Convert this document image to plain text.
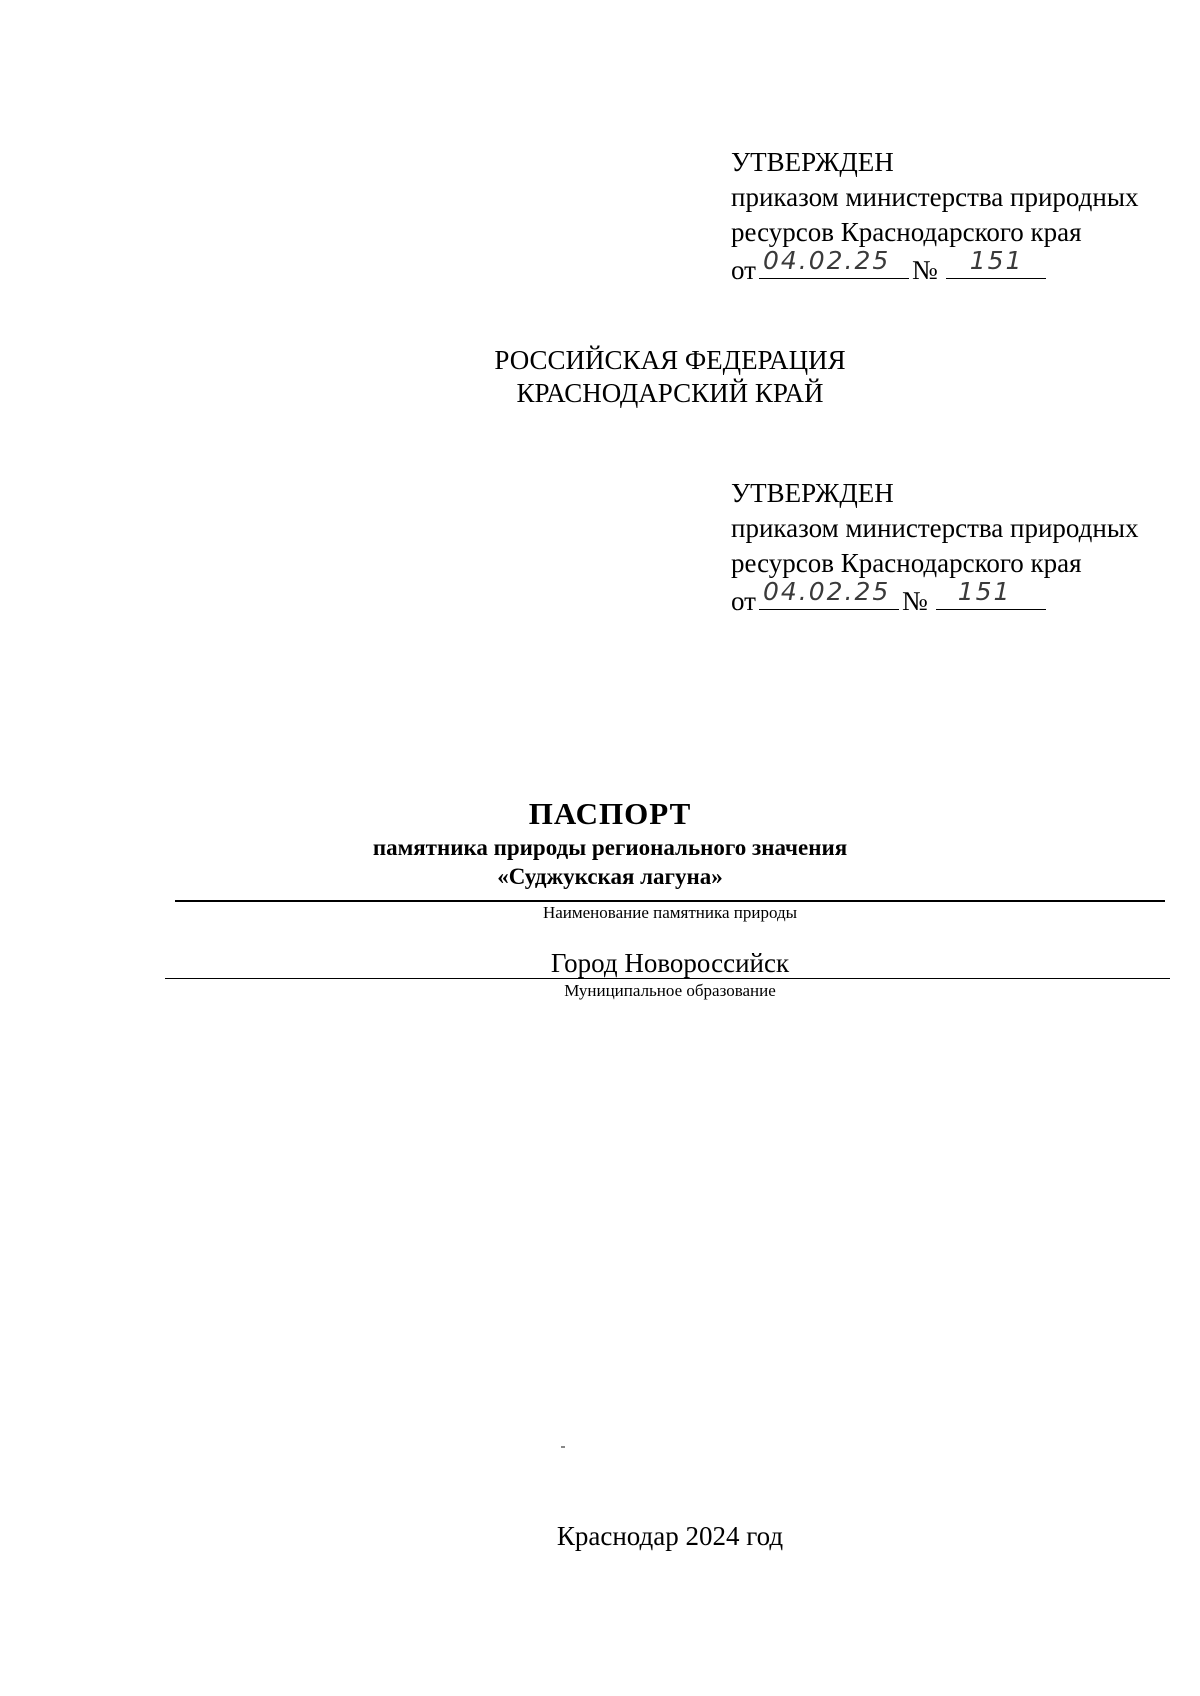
УТВЕРЖДЕН
приказом министерства природных
ресурсов Краснодарского края
от 04.02.25 № 151
РОССИЙСКАЯ ФЕДЕРАЦИЯ
КРАСНОДАРСКИЙ КРАЙ
УТВЕРЖДЕН
приказом министерства природных
ресурсов Краснодарского края
от 04.02.25 № 151
ПАСПОРТ
памятника природы регионального значения
«Суджукская лагуна»
Наименование памятника природы
Город Новороссийск
Муниципальное образование
Краснодар 2024 год
